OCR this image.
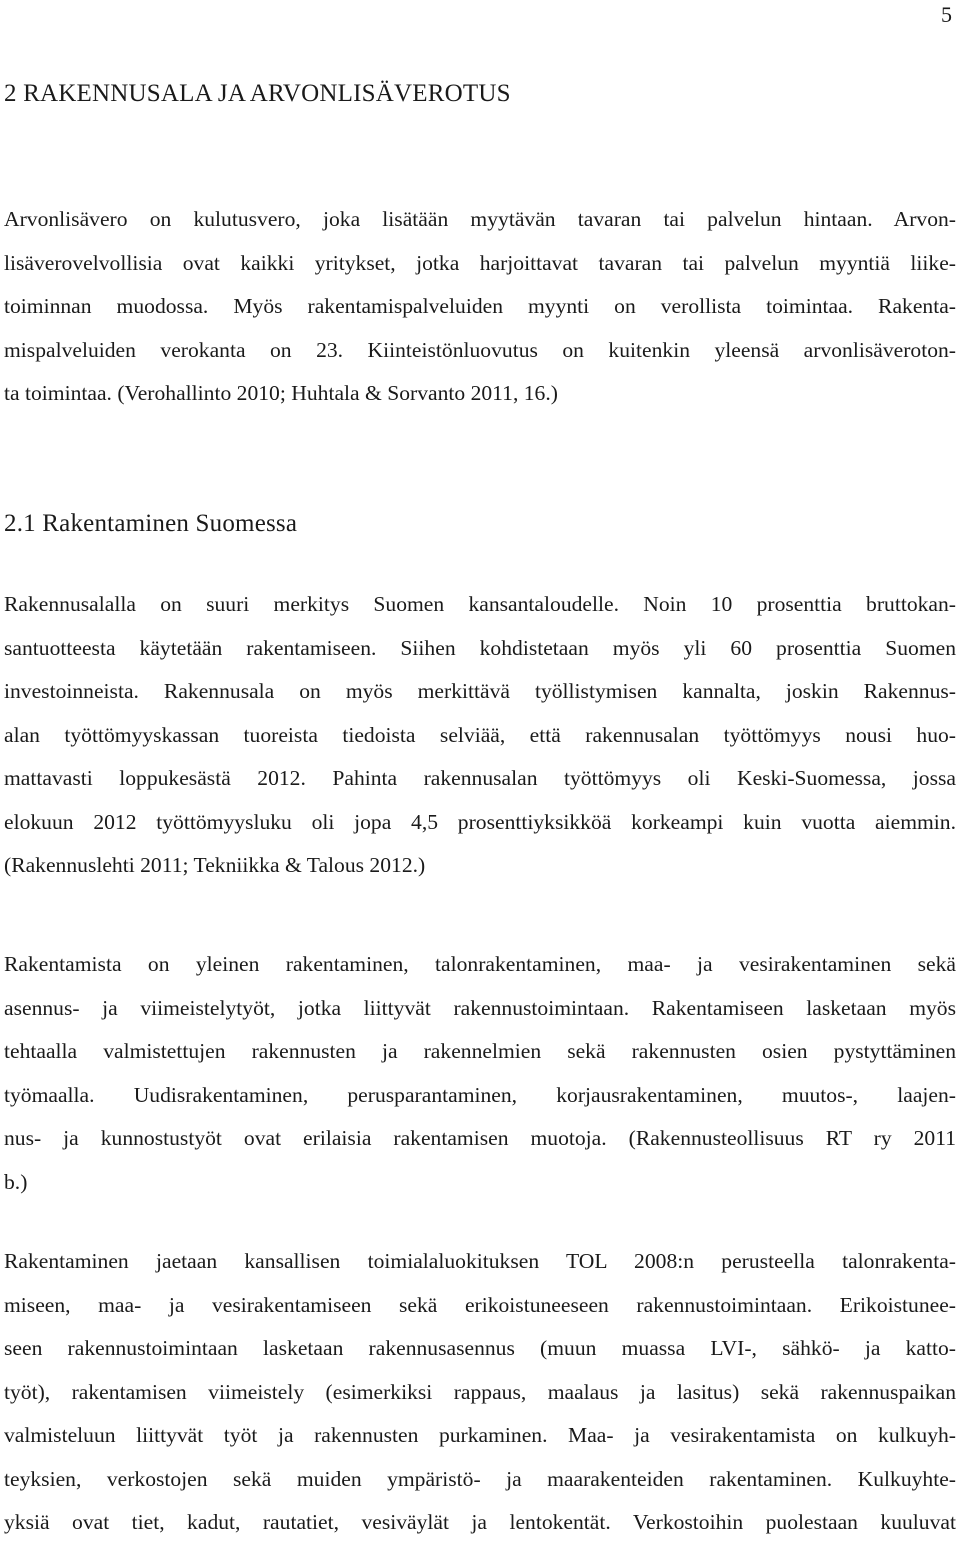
5
2 RAKENNUSALA JA ARVONLISÄVEROTUS
Arvonlisävero on kulutusvero, joka lisätään myytävän tavaran tai palvelun hintaan. Arvon-
lisäverovelvollisia ovat kaikki yritykset, jotka harjoittavat tavaran tai palvelun myyntiä liike-
toiminnan muodossa. Myös rakentamispalveluiden myynti on verollista toimintaa. Rakenta-
mispalveluiden verokanta on 23. Kiinteistönluovutus on kuitenkin yleensä arvonlisäveroton-
ta toimintaa. (Verohallinto 2010; Huhtala & Sorvanto 2011, 16.)
2.1 Rakentaminen Suomessa
Rakennusalalla on suuri merkitys Suomen kansantaloudelle. Noin 10 prosenttia bruttokan-
santuotteesta käytetään rakentamiseen. Siihen kohdistetaan myös yli 60 prosenttia Suomen
investoinneista. Rakennusala on myös merkittävä työllistymisen kannalta, joskin Rakennus-
alan työttömyyskassan tuoreista tiedoista selviää, että rakennusalan työttömyys nousi huo-
mattavasti loppukesästä 2012. Pahinta rakennusalan työttömyys oli Keski-Suomessa, jossa
elokuun 2012 työttömyysluku oli jopa 4,5 prosenttiyksikköä korkeampi kuin vuotta aiemmin.
(Rakennuslehti 2011; Tekniikka & Talous 2012.)
Rakentamista on yleinen rakentaminen, talonrakentaminen, maa- ja vesirakentaminen sekä
asennus- ja viimeistelytyöt, jotka liittyvät rakennustoimintaan. Rakentamiseen lasketaan myös
tehtaalla valmistettujen rakennusten ja rakennelmien sekä rakennusten osien pystyttäminen
työmaalla. Uudisrakentaminen, perusparantaminen, korjausrakentaminen, muutos-, laajen-
nus- ja kunnostustyöt ovat erilaisia rakentamisen muotoja. (Rakennusteollisuus RT ry 2011
b.)
Rakentaminen jaetaan kansallisen toimialaluokituksen TOL 2008:n perusteella talonrakenta-
miseen, maa- ja vesirakentamiseen sekä erikoistuneeseen rakennustoimintaan. Erikoistunee-
seen rakennustoimintaan lasketaan rakennusasennus (muun muassa LVI-, sähkö- ja katto-
työt), rakentamisen viimeistely (esimerkiksi rappaus, maalaus ja lasitus) sekä rakennuspaikan
valmisteluun liittyvät työt ja rakennusten purkaminen. Maa- ja vesirakentamista on kulkuyh-
teyksien, verkostojen sekä muiden ympäristö- ja maarakenteiden rakentaminen. Kulkuyhte-
yksiä ovat tiet, kadut, rautatiet, vesiväylät ja lentokentät. Verkostoihin puolestaan kuuluvat
